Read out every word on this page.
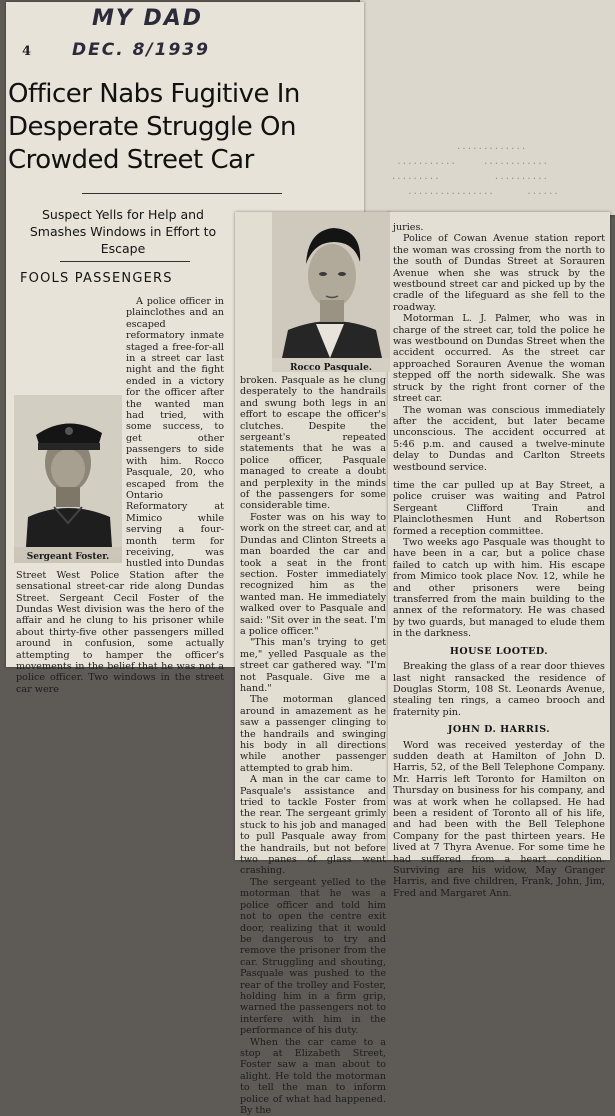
.............
...........     ............
.........          ..........
................      ......
MY DAD
DEC. 8/1939
4
Officer Nabs Fugitive In Desperate Struggle On Crowded Street Car
Suspect Yells for Help and Smashes Windows in Effort to Escape
FOOLS PASSENGERS
Sergeant Foster.

A police officer in plainclothes and an escaped reformatory inmate staged a free-for-all in a street car last night and the fight ended in a victory for the officer after the wanted man had tried, with some success, to get other passengers to side with him. Rocco Pasquale, 20, who escaped from the Ontario Reformatory at Mimico while serving a four-month term for receiving, was hustled into Dundas Street West Police Station after the sensational street-car ride along Dundas Street. Sergeant Cecil Foster of the Dundas West division was the hero of the affair and he clung to his prisoner while about thirty-five other passengers milled around in confusion, some actually attempting to hamper the officer's movements in the belief that he was not a police officer. Two windows in the street car were

Rocco Pasquale.

broken. Pasquale as he clung desperately to the handrails and swung both legs in an effort to escape the officer's clutches. Despite the sergeant's repeated statements that he was a police officer, Pasquale managed to create a doubt and perplexity in the minds of the passengers for some considerable time.

Foster was on his way to work on the street car, and at Dundas and Clinton Streets a man boarded the car and took a seat in the front section. Foster immediately recognized him as the wanted man. He immediately walked over to Pasquale and said: "Sit over in the seat. I'm a police officer."

"This man's trying to get me," yelled Pasquale as the street car gathered way. "I'm not Pasquale. Give me a hand."

The motorman glanced around in amazement as he saw a passenger clinging to the handrails and swinging his body in all directions while another passenger attempted to grab him.

A man in the car came to Pasquale's assistance and tried to tackle Foster from the rear. The sergeant grimly stuck to his job and managed to pull Pasquale away from the handrails, but not before two panes of glass went crashing.

The sergeant yelled to the motorman that he was a police officer and told him not to open the centre exit door, realizing that it would be dangerous to try and remove the prisoner from the car. Struggling and shouting, Pasquale was pushed to the rear of the trolley and Foster, holding him in a firm grip, warned the passengers not to interfere with him in the performance of his duty.

When the car came to a stop at Elizabeth Street, Foster saw a man about to alight. He told the motorman to tell the man to inform police of what had happened. By the

juries.

Police of Cowan Avenue station report the woman was crossing from the north to the south of Dundas Street at Sorauren Avenue when she was struck by the westbound street car and picked up by the cradle of the lifeguard as she fell to the roadway.

Motorman L. J. Palmer, who was in charge of the street car, told the police he was westbound on Dundas Street when the accident occurred. As the street car approached Sorauren Avenue the woman stepped off the north sidewalk. She was struck by the right front corner of the street car.

The woman was conscious immediately after the accident, but later became unconscious. The accident occurred at 5:46 p.m. and caused a twelve-minute delay to Dundas and Carlton Streets westbound service.

time the car pulled up at Bay Street, a police cruiser was waiting and Patrol Sergeant Clifford Train and Plainclothesmen Hunt and Robertson formed a reception committee.

Two weeks ago Pasquale was thought to have been in a car, but a police chase failed to catch up with him. His escape from Mimico took place Nov. 12, while he and other prisoners were being transferred from the main building to the annex of the reformatory. He was chased by two guards, but managed to elude them in the darkness.

HOUSE LOOTED.

Breaking the glass of a rear door thieves last night ransacked the residence of Douglas Storm, 108 St. Leonards Avenue, stealing ten rings, a cameo brooch and fraternity pin.

JOHN D. HARRIS.

Word was received yesterday of the sudden death at Hamilton of John D. Harris, 52, of the Bell Telephone Company. Mr. Harris left Toronto for Hamilton on Thursday on business for his company, and was at work when he collapsed. He had been a resident of Toronto all of his life, and had been with the Bell Telephone Company for the past thirteen years. He lived at 7 Thyra Avenue. For some time he had suffered from a heart condition. Surviving are his widow, May Granger Harris, and five children, Frank, John, Jim, Fred and Margaret Ann.
